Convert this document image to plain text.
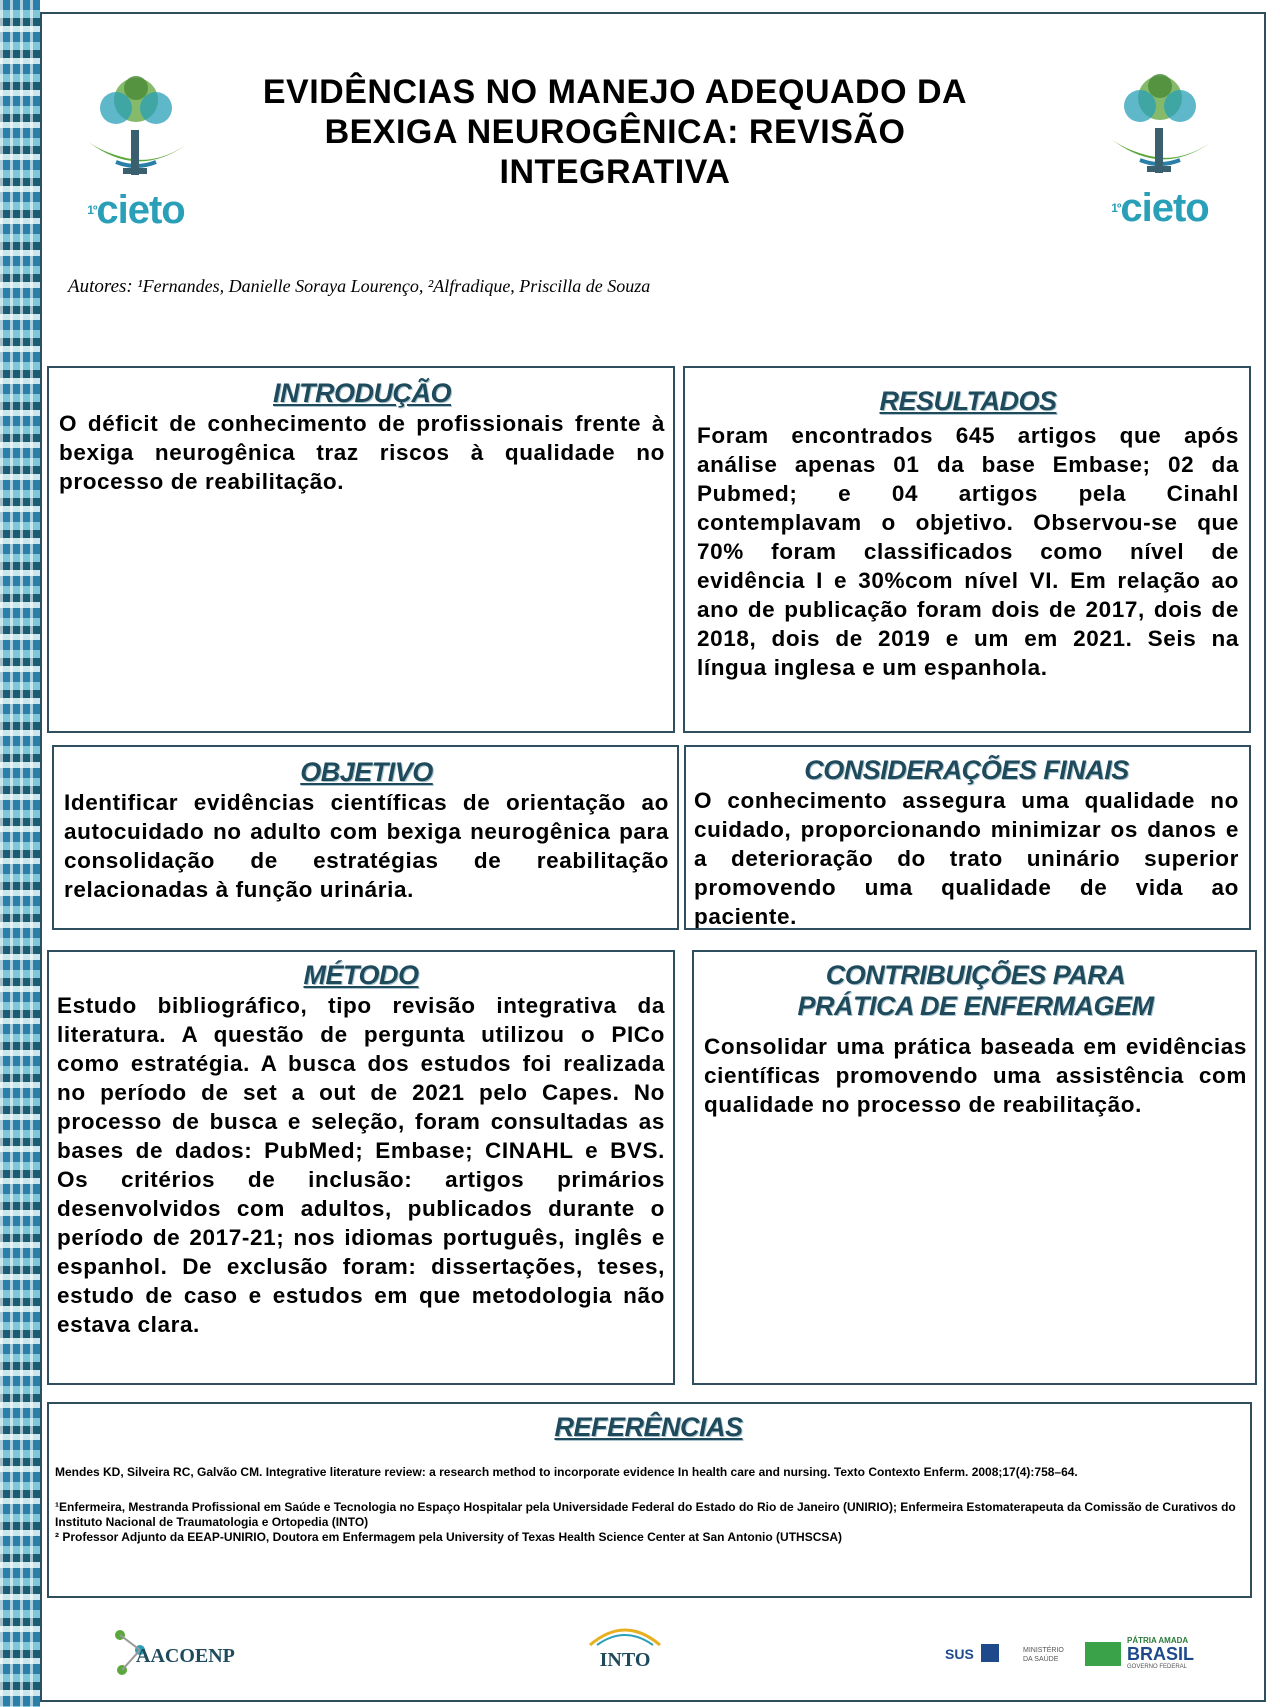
$^{1º}$cieto	$^{1º}$cieto
EVIDÊNCIAS NO MANEJO ADEQUADO DA BEXIGA NEUROGÊNICA: REVISÃO INTEGRATIVA
Autores: ¹Fernandes, Danielle Soraya Lourenço, ²Alfradique, Priscilla de Souza
INTRODUÇÃO
O déficit de conhecimento de profissionais frente à bexiga neurogênica traz riscos à qualidade no processo de reabilitação.
RESULTADOS
Foram encontrados 645 artigos que após análise apenas 01 da base Embase; 02 da Pubmed; e 04 artigos pela Cinahl contemplavam o objetivo. Observou-se que 70% foram classificados como nível de evidência I e 30%com nível VI. Em relação ao ano de publicação foram dois de 2017, dois de 2018, dois de 2019 e um em 2021. Seis na língua inglesa e um espanhola.
OBJETIVO
Identificar evidências científicas de orientação ao autocuidado no adulto com bexiga neurogênica para consolidação de estratégias de reabilitação relacionadas à função urinária.
CONSIDERAÇÕES FINAIS
O conhecimento assegura uma qualidade no cuidado, proporcionando minimizar os danos e a deterioração do trato uninário superior promovendo uma qualidade de vida ao paciente.
MÉTODO
Estudo bibliográfico, tipo revisão integrativa da literatura. A questão de pergunta utilizou o PICo como estratégia. A busca dos estudos foi realizada no período de set a out de 2021 pelo Capes. No processo de busca e seleção, foram consultadas as bases de dados: PubMed; Embase; CINAHL e BVS. Os critérios de inclusão: artigos primários desenvolvidos com adultos, publicados durante o período de 2017-21; nos idiomas português, inglês e espanhol. De exclusão foram: dissertações, teses, estudo de caso e estudos em que metodologia não estava clara.
CONTRIBUIÇÕES PARA
PRÁTICA DE ENFERMAGEM
Consolidar uma prática baseada em evidências científicas promovendo uma assistência com qualidade no processo de reabilitação.
REFERÊNCIAS
Mendes KD, Silveira RC, Galvão CM. Integrative literature review: a research method to incorporate evidence In health care and nursing. Texto Contexto Enferm. 2008;17(4):758–64.
¹Enfermeira, Mestranda Profissional em Saúde e Tecnologia no Espaço Hospitalar pela Universidade Federal do Estado do Rio de Janeiro (UNIRIO); Enfermeira Estomaterapeuta da Comissão de Curativos do Instituto Nacional de Traumatologia e Ortopedia (INTO)
² Professor Adjunto da EEAP-UNIRIO, Doutora em Enfermagem pela University of Texas Health Science Center at San Antonio (UTHSCSA)
AACOENP	INTO	SUS	MINISTÉRIO DA SAÚDE
PÁTRIA AMADA
BRASIL
GOVERNO FEDERAL
